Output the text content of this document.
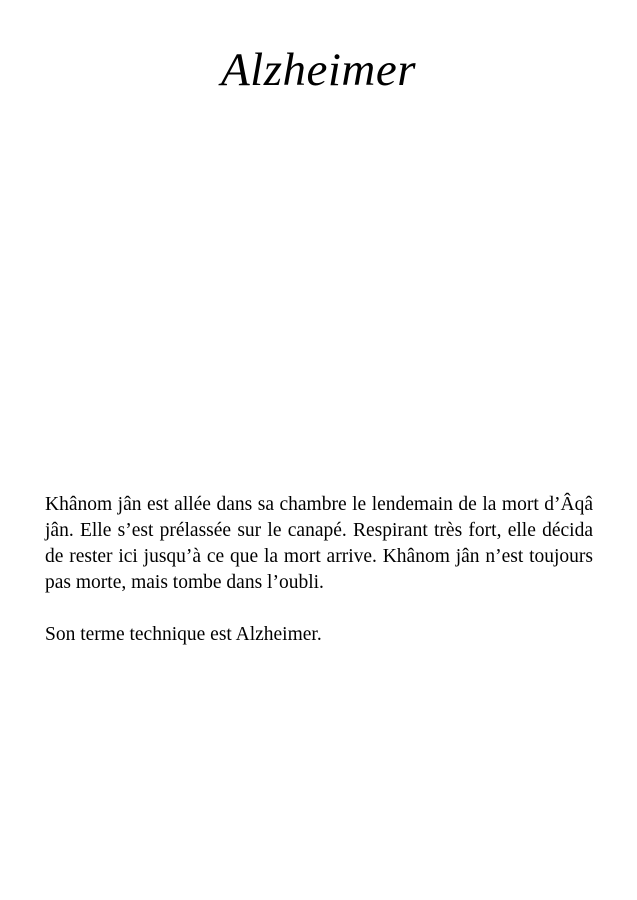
Alzheimer

Khânom jân est allée dans sa chambre le lendemain de la mort d’Âqâ jân. Elle s’est prélassée sur le canapé. Respirant très fort, elle décida de rester ici jusqu’à ce que la mort arrive. Khânom jân n’est toujours pas morte, mais tombe dans l’oubli.

Son terme technique est Alzheimer.
